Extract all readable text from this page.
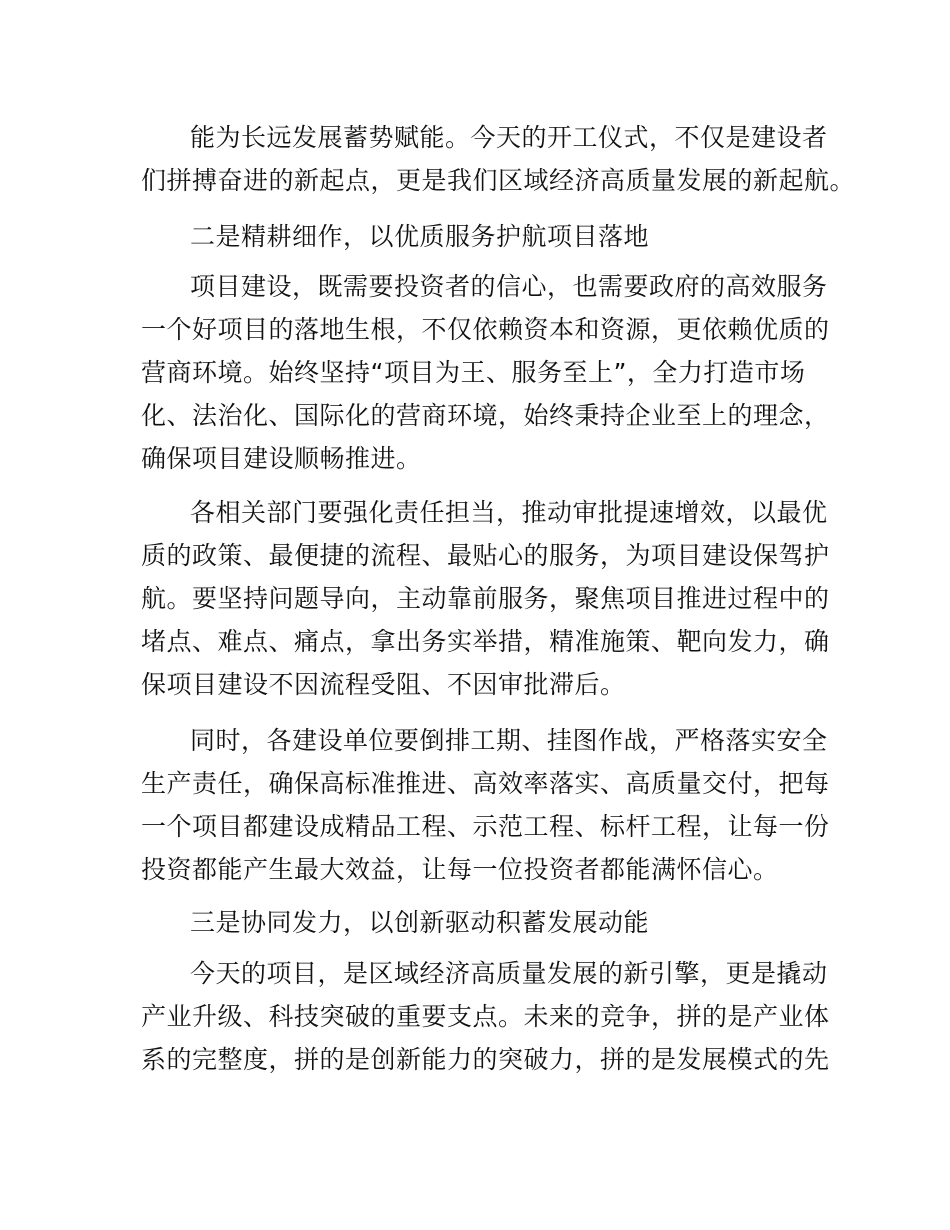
能为长远发展蓄势赋能。今天的开工仪式，不仅是建设者
们拼搏奋进的新起点，更是我们区域经济高质量发展的新起航。
二是精耕细作，以优质服务护航项目落地
项目建设，既需要投资者的信心，也需要政府的高效服务
一个好项目的落地生根，不仅依赖资本和资源，更依赖优质的
营商环境。始终坚持“项目为王、服务至上”，全力打造市场
化、法治化、国际化的营商环境，始终秉持企业至上的理念，
确保项目建设顺畅推进。
各相关部门要强化责任担当，推动审批提速增效，以最优
质的政策、最便捷的流程、最贴心的服务，为项目建设保驾护
航。要坚持问题导向，主动靠前服务，聚焦项目推进过程中的
堵点、难点、痛点，拿出务实举措，精准施策、靶向发力，确
保项目建设不因流程受阻、不因审批滞后。
同时，各建设单位要倒排工期、挂图作战，严格落实安全
生产责任，确保高标准推进、高效率落实、高质量交付，把每
一个项目都建设成精品工程、示范工程、标杆工程，让每一份
投资都能产生最大效益，让每一位投资者都能满怀信心。
三是协同发力，以创新驱动积蓄发展动能
今天的项目，是区域经济高质量发展的新引擎，更是撬动
产业升级、科技突破的重要支点。未来的竞争，拼的是产业体
系的完整度，拼的是创新能力的突破力，拼的是发展模式的先
